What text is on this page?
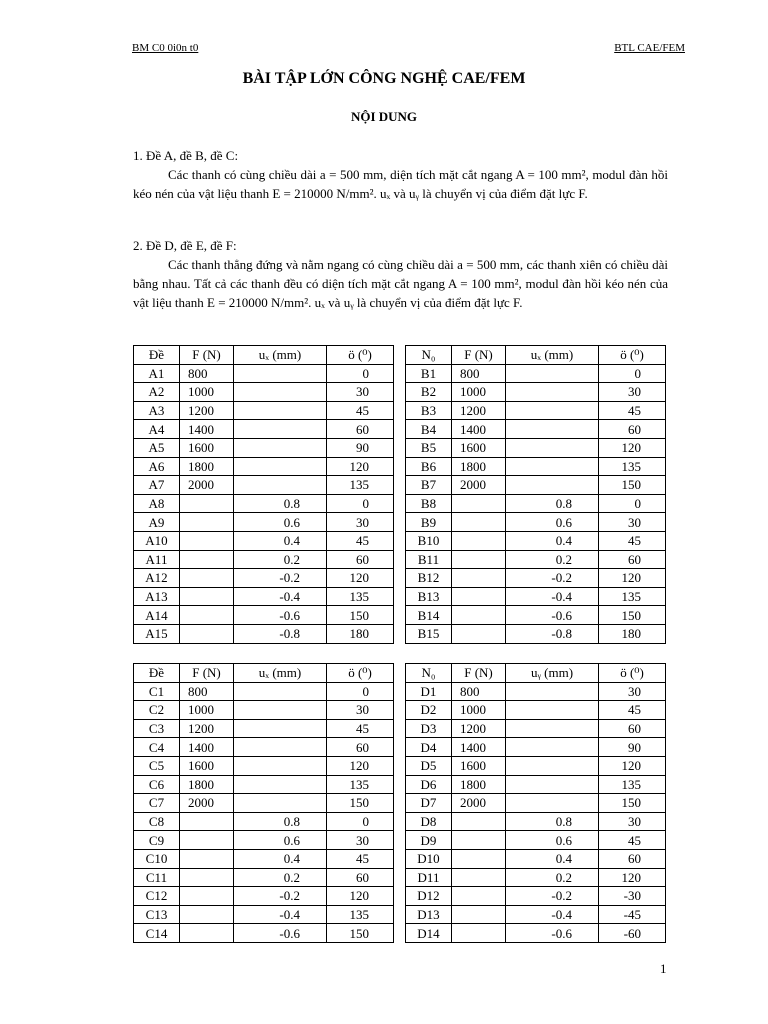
BM C0 0i0n t0	BTL CAE/FEM
BÀI TẬP LỚN CÔNG NGHỆ CAE/FEM
NỘI DUNG
1. Đề A, đề B, đề C:
Các thanh có cùng chiều dài a = 500 mm, diện tích mặt cắt ngang A = 100 mm², modul đàn hồi kéo nén của vật liệu thanh E = 210000 N/mm². uₓ và uᵧ là chuyển vị của điểm đặt lực F.
2. Đề D, đề E, đề F:
Các thanh thẳng đứng và nằm ngang có cùng chiều dài a = 500 mm, các thanh xiên có chiều dài bằng nhau. Tất cả các thanh đều có diện tích mặt cắt ngang A = 100 mm², modul đàn hồi kéo nén của vật liệu thanh E = 210000 N/mm². uₓ và uᵧ là chuyển vị của điểm đặt lực F.
Đề	F (N)	uₓ (mm)	ö (⁰)
A1	800		0
A2	1000		30
A3	1200		45
A4	1400		60
A5	1600		90
A6	1800		120
A7	2000		135
A8		0.8	0
A9		0.6	30
A10		0.4	45
A11		0.2	60
A12		-0.2	120
A13		-0.4	135
A14		-0.6	150
A15		-0.8	180
N₀	F (N)	uₓ (mm)	ö (⁰)
B1	800		0
B2	1000		30
B3	1200		45
B4	1400		60
B5	1600		120
B6	1800		135
B7	2000		150
B8		0.8	0
B9		0.6	30
B10		0.4	45
B11		0.2	60
B12		-0.2	120
B13		-0.4	135
B14		-0.6	150
B15		-0.8	180
Đề	F (N)	uₓ (mm)	ö (⁰)
C1	800		0
C2	1000		30
C3	1200		45
C4	1400		60
C5	1600		120
C6	1800		135
C7	2000		150
C8		0.8	0
C9		0.6	30
C10		0.4	45
C11		0.2	60
C12		-0.2	120
C13		-0.4	135
C14		-0.6	150
N₀	F (N)	uᵧ (mm)	ö (⁰)
D1	800		30
D2	1000		45
D3	1200		60
D4	1400		90
D5	1600		120
D6	1800		135
D7	2000		150
D8		0.8	30
D9		0.6	45
D10		0.4	60
D11		0.2	120
D12		-0.2	-30
D13		-0.4	-45
D14		-0.6	-60
1
